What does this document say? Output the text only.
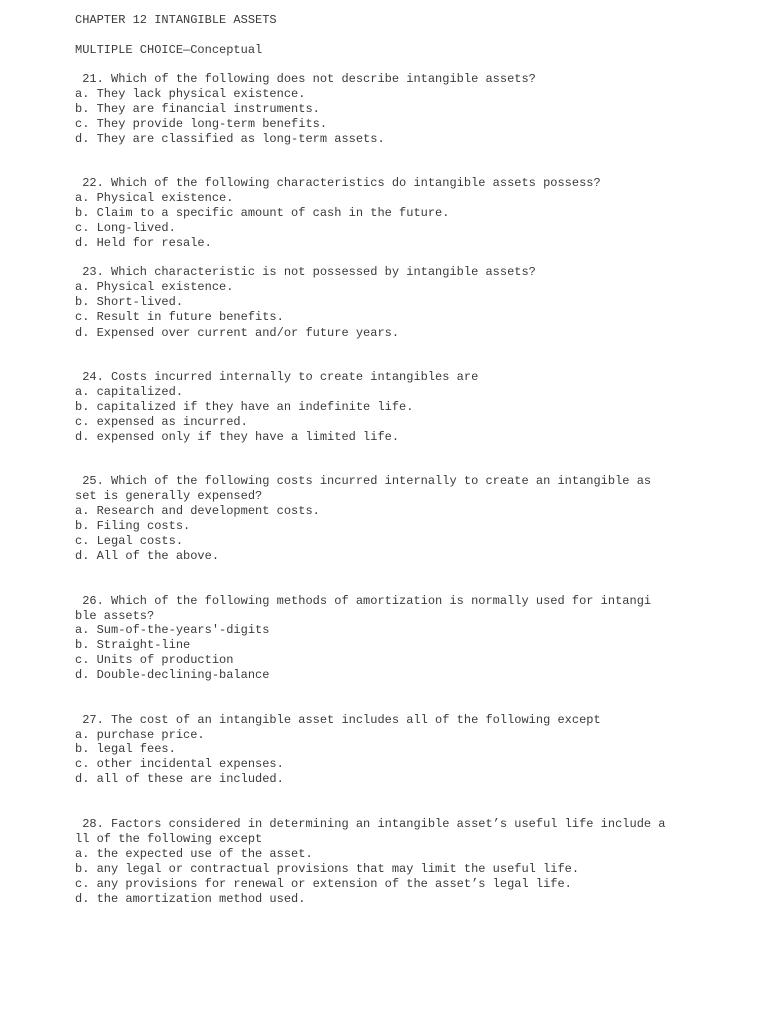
CHAPTER 12 INTANGIBLE ASSETS
MULTIPLE CHOICE—Conceptual
21. Which of the following does not describe intangible assets?
a. They lack physical existence.
b. They are financial instruments.
c. They provide long-term benefits.
d. They are classified as long-term assets.
22. Which of the following characteristics do intangible assets possess?
a. Physical existence.
b. Claim to a specific amount of cash in the future.
c. Long-lived.
d. Held for resale.
23. Which characteristic is not possessed by intangible assets?
a. Physical existence.
b. Short-lived.
c. Result in future benefits.
d. Expensed over current and/or future years.
24. Costs incurred internally to create intangibles are
a. capitalized.
b. capitalized if they have an indefinite life.
c. expensed as incurred.
d. expensed only if they have a limited life.
25. Which of the following costs incurred internally to create an intangible as
set is generally expensed?
a. Research and development costs.
b. Filing costs.
c. Legal costs.
d. All of the above.
26. Which of the following methods of amortization is normally used for intangi
ble assets?
a. Sum-of-the-years'-digits
b. Straight-line
c. Units of production
d. Double-declining-balance
27. The cost of an intangible asset includes all of the following except
a. purchase price.
b. legal fees.
c. other incidental expenses.
d. all of these are included.
28. Factors considered in determining an intangible asset’s useful life include a
ll of the following except
a. the expected use of the asset.
b. any legal or contractual provisions that may limit the useful life.
c. any provisions for renewal or extension of the asset’s legal life.
d. the amortization method used.
